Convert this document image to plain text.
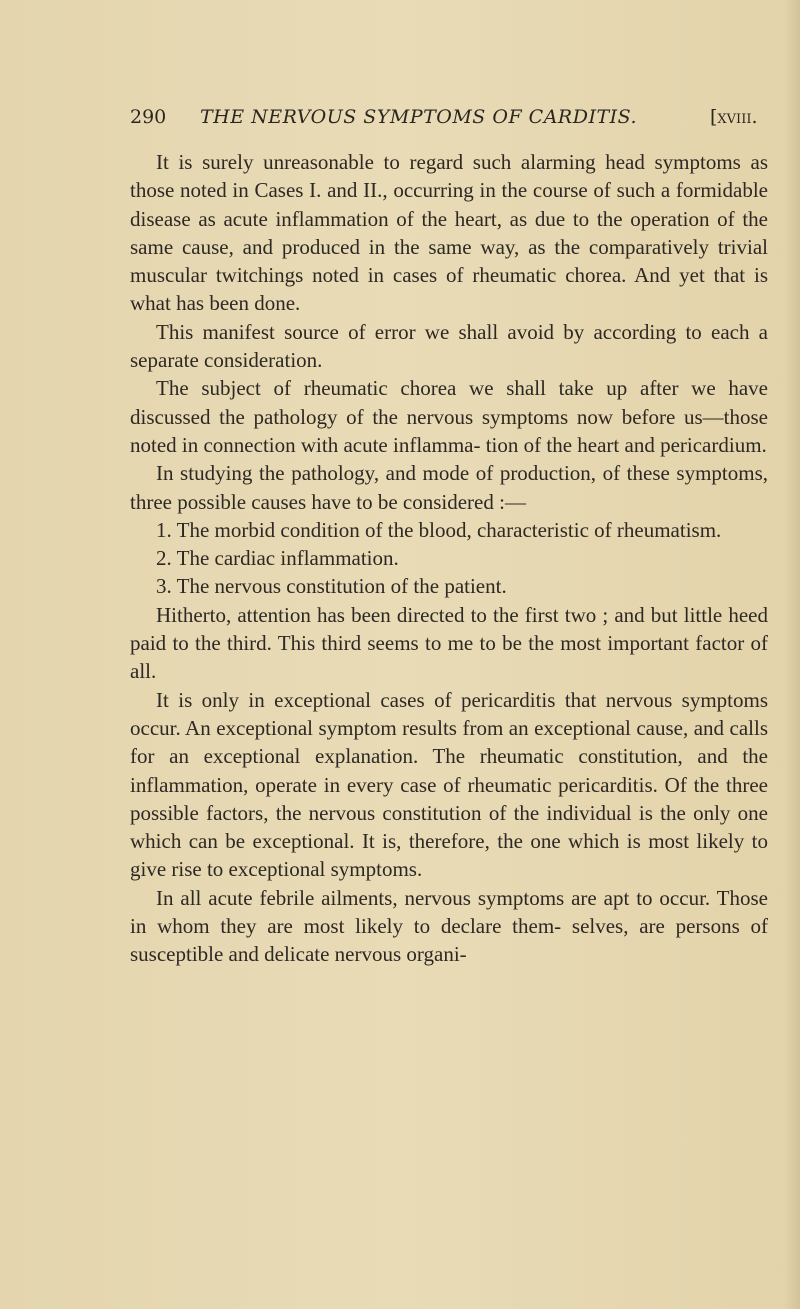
290 THE NERVOUS SYMPTOMS OF CARDITIS.	[xviii.

It is surely unreasonable to regard such alarming head symptoms as those noted in Cases I. and II., occurring in the course of such a formidable disease as acute inflammation of the heart, as due to the operation of the same cause, and produced in the same way, as the comparatively trivial muscular twitchings noted in cases of rheumatic chorea. And yet that is what has been done.

This manifest source of error we shall avoid by according to each a separate consideration.

The subject of rheumatic chorea we shall take up after we have discussed the pathology of the nervous symptoms now before us—those noted in connection with acute inflamma- tion of the heart and pericardium.

In studying the pathology, and mode of production, of these symptoms, three possible causes have to be considered :—

1. The morbid condition of the blood, characteristic of rheumatism.

2. The cardiac inflammation.

3. The nervous constitution of the patient.

Hitherto, attention has been directed to the first two ; and but little heed paid to the third. This third seems to me to be the most important factor of all.

It is only in exceptional cases of pericarditis that nervous symptoms occur. An exceptional symptom results from an exceptional cause, and calls for an exceptional explanation. The rheumatic constitution, and the inflammation, operate in every case of rheumatic pericarditis. Of the three possible factors, the nervous constitution of the individual is the only one which can be exceptional. It is, therefore, the one which is most likely to give rise to exceptional symptoms.

In all acute febrile ailments, nervous symptoms are apt to occur. Those in whom they are most likely to declare them- selves, are persons of susceptible and delicate nervous organi-
